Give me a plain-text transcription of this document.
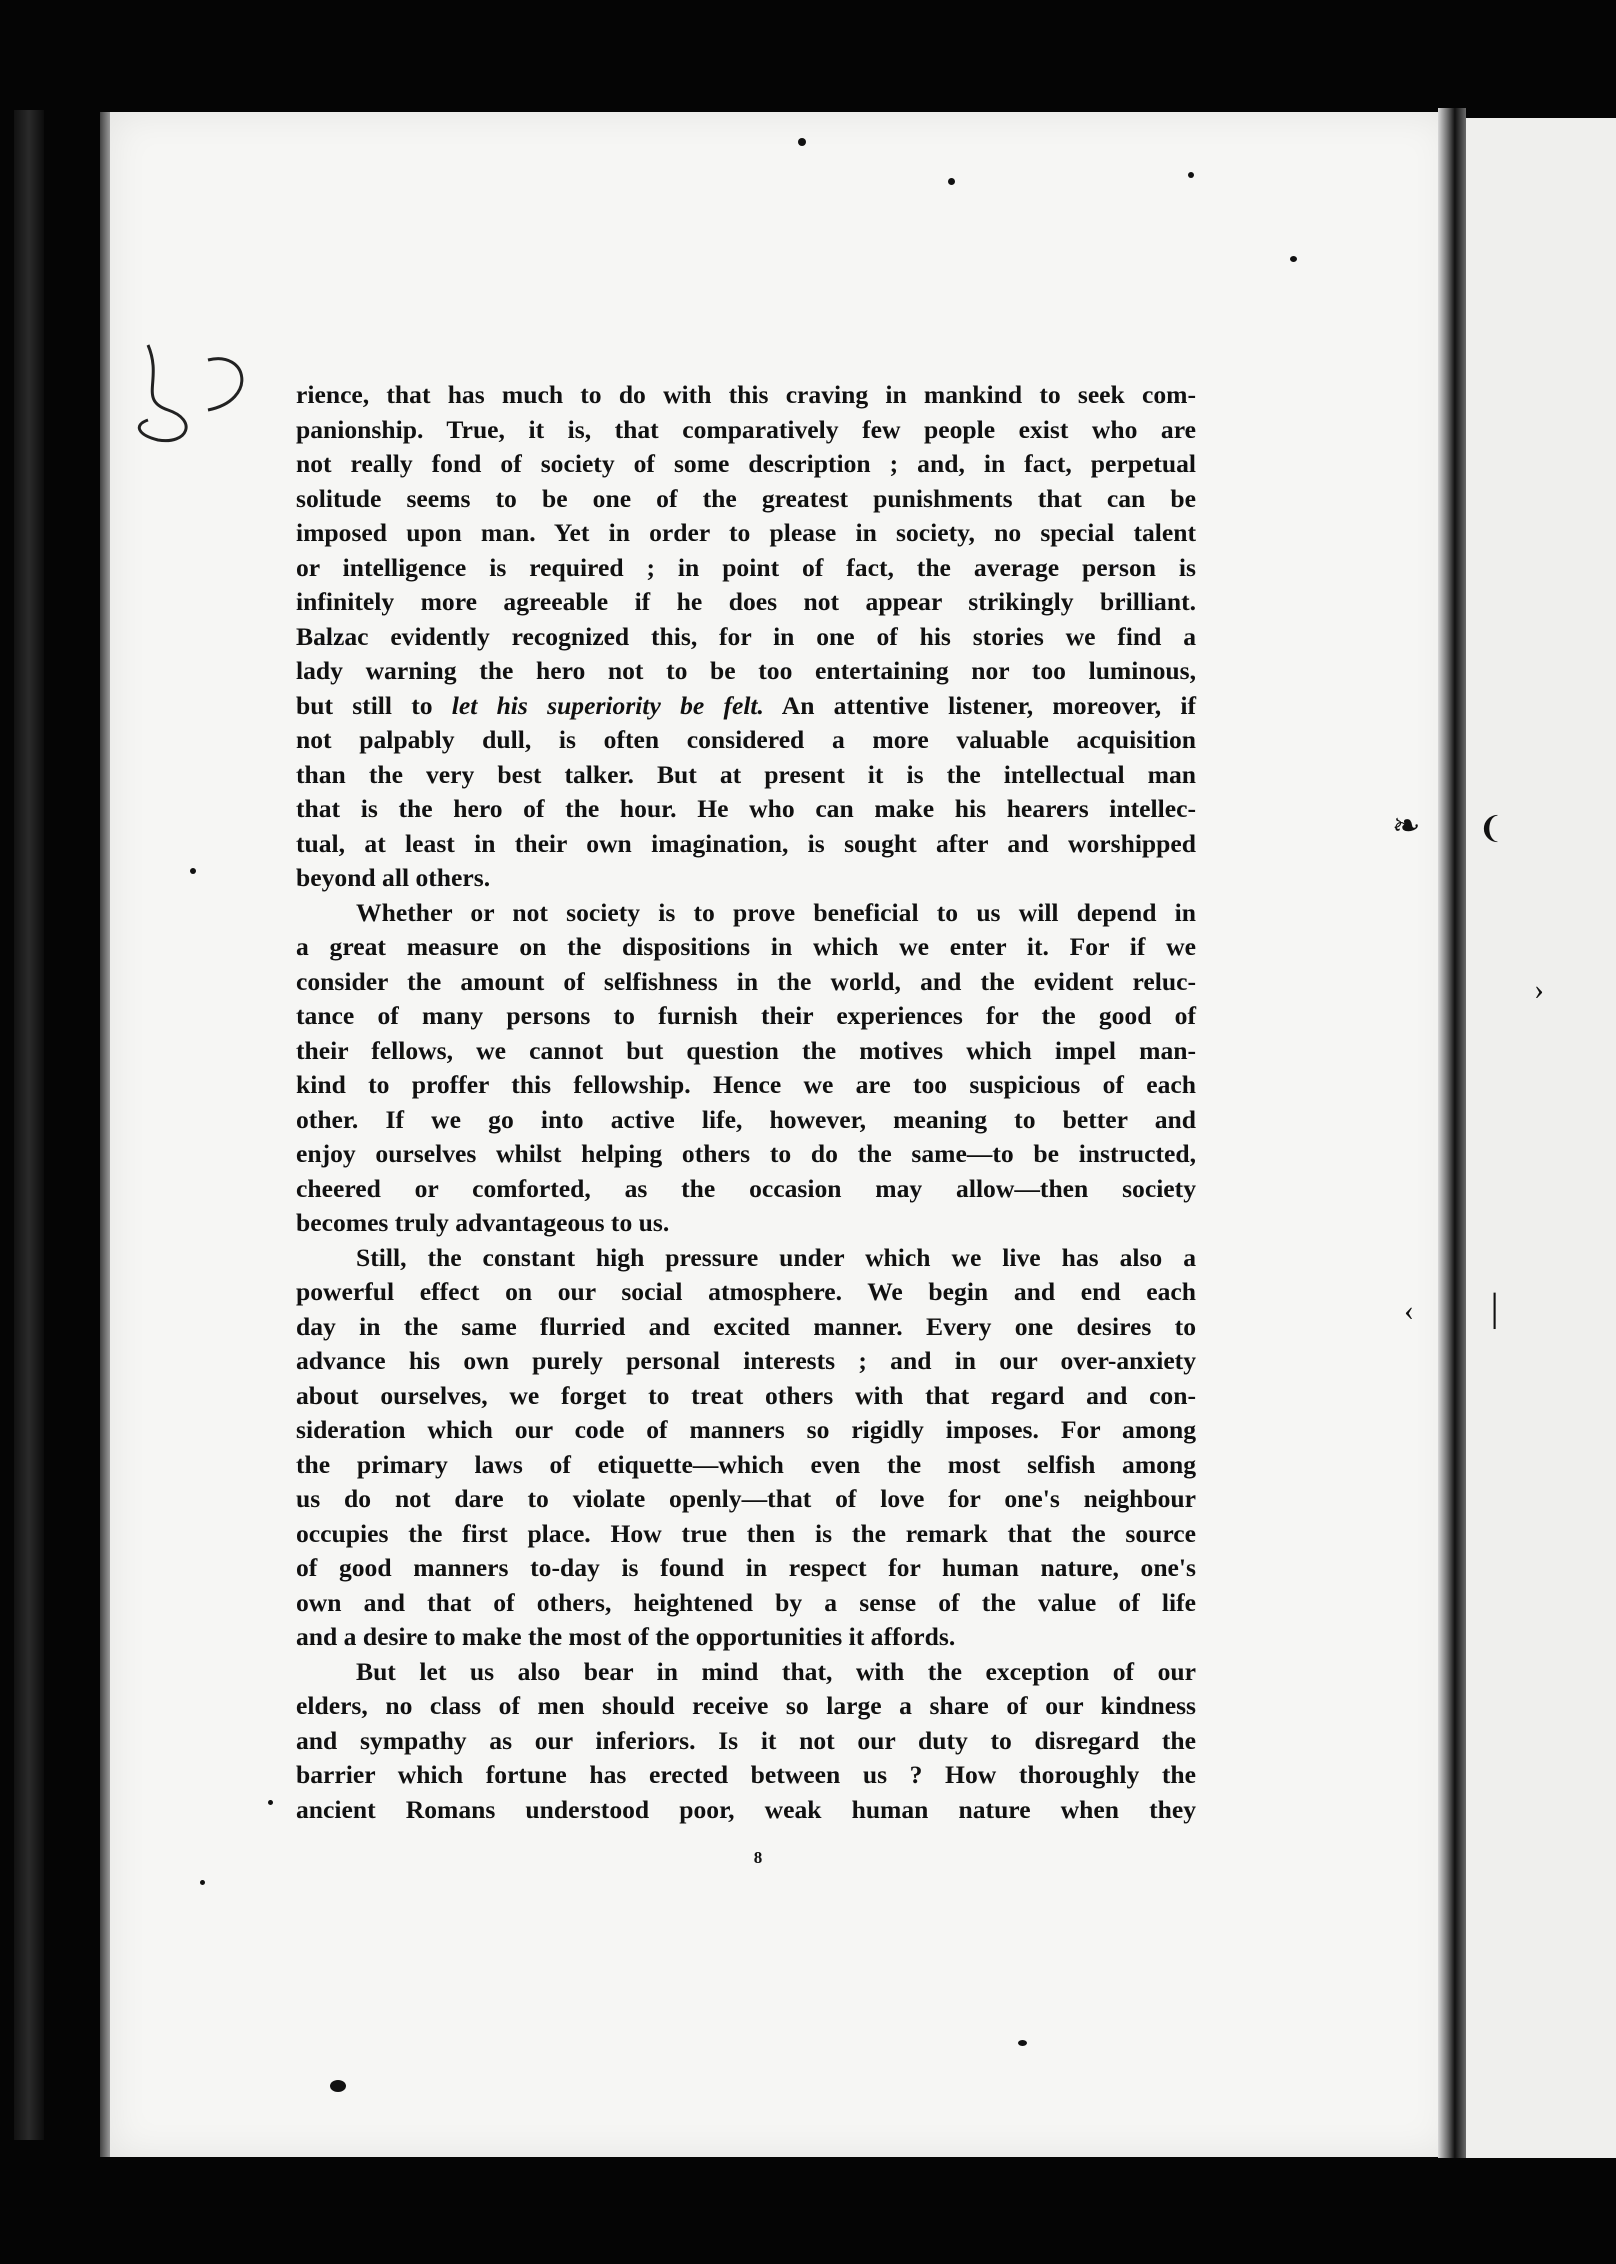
❧ ❨
›
‹ │
rience, that has much to do with this craving in mankind to seek com-
panionship. True, it is, that comparatively few people exist who are
not really fond of society of some description ; and, in fact, perpetual
solitude seems to be one of the greatest punishments that can be
imposed upon man. Yet in order to please in society, no special talent
or intelligence is required ; in point of fact, the average person is
infinitely more agreeable if he does not appear strikingly brilliant.
Balzac evidently recognized this, for in one of his stories we find a
lady warning the hero not to be too entertaining nor too luminous,
but still to let his superiority be felt. An attentive listener, moreover, if
not palpably dull, is often considered a more valuable acquisition
than the very best talker. But at present it is the intellectual man
that is the hero of the hour. He who can make his hearers intellec-
tual, at least in their own imagination, is sought after and worshipped
beyond all others.
Whether or not society is to prove beneficial to us will depend in
a great measure on the dispositions in which we enter it. For if we
consider the amount of selfishness in the world, and the evident reluc-
tance of many persons to furnish their experiences for the good of
their fellows, we cannot but question the motives which impel man-
kind to proffer this fellowship. Hence we are too suspicious of each
other. If we go into active life, however, meaning to better and
enjoy ourselves whilst helping others to do the same—to be instructed,
cheered or comforted, as the occasion may allow—then society
becomes truly advantageous to us.
Still, the constant high pressure under which we live has also a
powerful effect on our social atmosphere. We begin and end each
day in the same flurried and excited manner. Every one desires to
advance his own purely personal interests ; and in our over-anxiety
about ourselves, we forget to treat others with that regard and con-
sideration which our code of manners so rigidly imposes. For among
the primary laws of etiquette—which even the most selfish among
us do not dare to violate openly—that of love for one's neighbour
occupies the first place. How true then is the remark that the source
of good manners to-day is found in respect for human nature, one's
own and that of others, heightened by a sense of the value of life
and a desire to make the most of the opportunities it affords.
But let us also bear in mind that, with the exception of our
elders, no class of men should receive so large a share of our kindness
and sympathy as our inferiors. Is it not our duty to disregard the
barrier which fortune has erected between us ? How thoroughly the
ancient Romans understood poor, weak human nature when they
8
